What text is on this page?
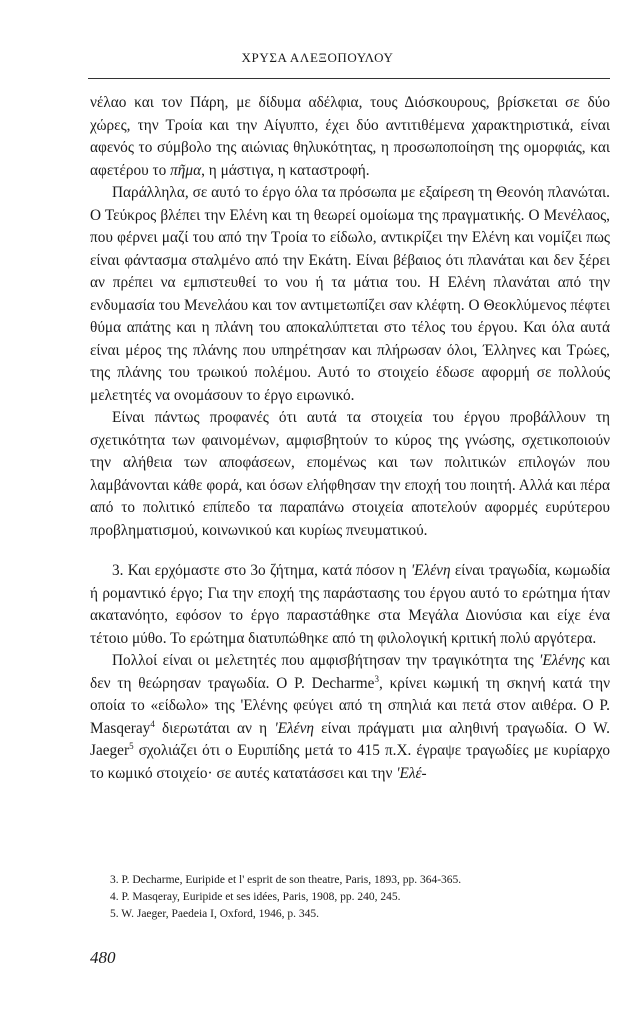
ΧΡΥΣΑ ΑΛΕΞΟΠΟΥΛΟΥ

νέλαο και τον Πάρη, με δίδυμα αδέλφια, τους Διόσκουρους, βρίσκεται σε δύο χώρες, την Τροία και την Αίγυπτο, έχει δύο αντιτιθέμενα χαρακτηριστικά, είναι αφενός το σύμβολο της αιώνιας θηλυκότητας, η προσωποποίηση της ομορφιάς, και αφετέρου το πῆμα, η μάστιγα, η καταστροφή.

Παράλληλα, σε αυτό το έργο όλα τα πρόσωπα με εξαίρεση τη Θεονόη πλανώται. Ο Τεύκρος βλέπει την Ελένη και τη θεωρεί ομοίωμα της πραγματικής. Ο Μενέλαος, που φέρνει μαζί του από την Τροία το είδωλο, αντικρίζει την Ελένη και νομίζει πως είναι φάντασμα σταλμένο από την Εκάτη. Είναι βέβαιος ότι πλανάται και δεν ξέρει αν πρέπει να εμπιστευθεί το νου ή τα μάτια του. Η Ελένη πλανάται από την ενδυμασία του Μενελάου και τον αντιμετωπίζει σαν κλέφτη. Ο Θεοκλύμενος πέφτει θύμα απάτης και η πλάνη του αποκαλύπτεται στο τέλος του έργου. Και όλα αυτά είναι μέρος της πλάνης που υπηρέτησαν και πλήρωσαν όλοι, Έλληνες και Τρώες, της πλάνης του τρωικού πολέμου. Αυτό το στοιχείο έδωσε αφορμή σε πολλούς μελετητές να ονομάσουν το έργο ειρωνικό.

Είναι πάντως προφανές ότι αυτά τα στοιχεία του έργου προβάλλουν τη σχετικότητα των φαινομένων, αμφισβητούν το κύρος της γνώσης, σχετικοποιούν την αλήθεια των αποφάσεων, επομένως και των πολιτικών επιλογών που λαμβάνονται κάθε φορά, και όσων ελήφθησαν την εποχή του ποιητή. Αλλά και πέρα από το πολιτικό επίπεδο τα παραπάνω στοιχεία αποτελούν αφορμές ευρύτερου προβληματισμού, κοινωνικού και κυρίως πνευματικού.

3. Και ερχόμαστε στο 3ο ζήτημα, κατά πόσον η 'Ελένη είναι τραγωδία, κωμωδία ή ρομαντικό έργο; Για την εποχή της παράστασης του έργου αυτό το ερώτημα ήταν ακατανόητο, εφόσον το έργο παραστάθηκε στα Μεγάλα Διονύσια και είχε ένα τέτοιο μύθο. Το ερώτημα διατυπώθηκε από τη φιλολογική κριτική πολύ αργότερα.

Πολλοί είναι οι μελετητές που αμφισβήτησαν την τραγικότητα της 'Ελένης και δεν τη θεώρησαν τραγωδία. Ο P. Decharme$^3$, κρίνει κωμική τη σκηνή κατά την οποία το «είδωλο» της 'Ελένης φεύγει από τη σπηλιά και πετά στον αιθέρα. Ο P. Masqeray$^4$ διερωτάται αν η 'Ελένη είναι πράγματι μια αληθινή τραγωδία. Ο W. Jaeger$^5$ σχολιάζει ότι ο Ευριπίδης μετά το 415 π.Χ. έγραψε τραγωδίες με κυρίαρχο το κωμικό στοιχείο· σε αυτές κατατάσσει και την 'Ελέ-

3. P. Decharme, Euripide et l' esprit de son theatre, Paris, 1893, pp. 364-365.
4. P. Masqeray, Euripide et ses idées, Paris, 1908, pp. 240, 245.
5. W. Jaeger, Paedeia I, Oxford, 1946, p. 345.
480
